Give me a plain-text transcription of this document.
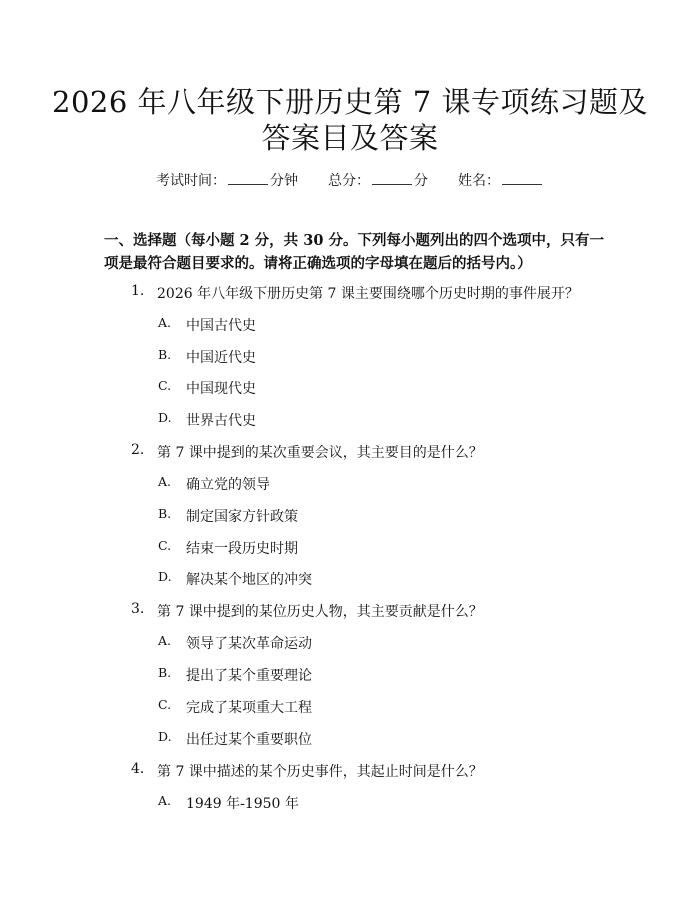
2026 年八年级下册历史第 7 课专项练习题及
答案目及答案
考试时间：	分钟 总分：	分 姓名：
一、选择题（每小题 2 分，共 30 分。下列每小题列出的四个选项中，只有一项是最符合题目要求的。请将正确选项的字母填在题后的括号内。）
1. 2026 年八年级下册历史第 7 课主要围绕哪个历史时期的事件展开？
A.	中国古代史
B.	中国近代史
C.	中国现代史
D.	世界古代史
2. 第 7 课中提到的某次重要会议，其主要目的是什么？
A.	确立党的领导
B.	制定国家方针政策
C.	结束一段历史时期
D.	解决某个地区的冲突
3. 第 7 课中提到的某位历史人物，其主要贡献是什么？
A.	领导了某次革命运动
B.	提出了某个重要理论
C.	完成了某项重大工程
D.	出任过某个重要职位
4. 第 7 课中描述的某个历史事件，其起止时间是什么？
A.	1949 年-1950 年
